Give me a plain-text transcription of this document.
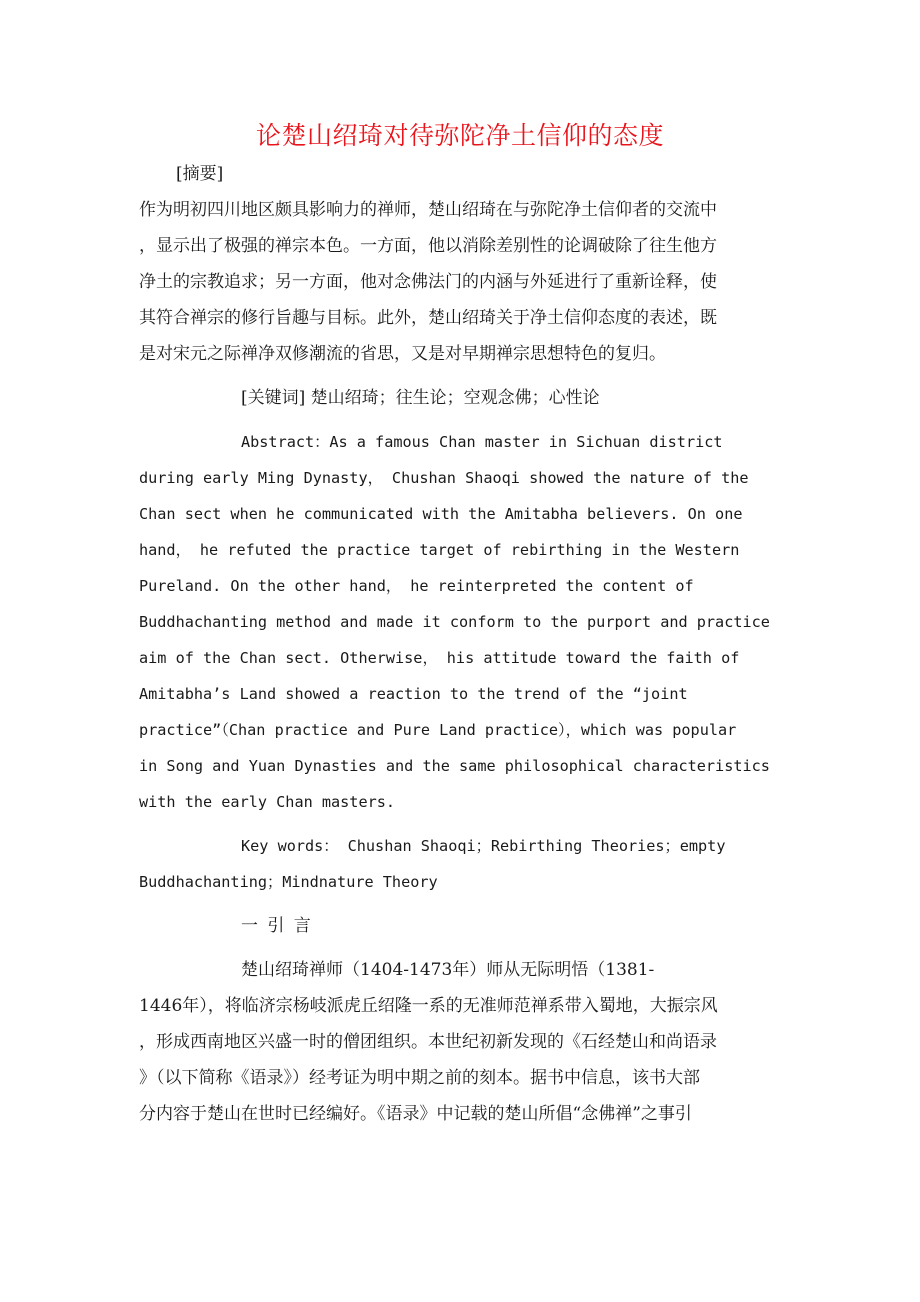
论楚山绍琦对待弥陀净土信仰的态度
[摘要]
作为明初四川地区颇具影响力的禅师，楚山绍琦在与弥陀净土信仰者的交流中
，显示出了极强的禅宗本色。一方面，他以消除差别性的论调破除了往生他方
净土的宗教追求；另一方面，他对念佛法门的内涵与外延进行了重新诠释，使
其符合禅宗的修行旨趣与目标。此外，楚山绍琦关于净土信仰态度的表述，既
是对宋元之际禅净双修潮流的省思，又是对早期禅宗思想特色的复归。
[关键词] 楚山绍琦；往生论；空观念佛；心性论
Abstract：As a famous Chan master in Sichuan district
during early Ming Dynasty， Chushan Shaoqi showed the nature of the
Chan sect when he communicated with the Amitabha believers. On one
hand， he refuted the practice target of rebirthing in the Western
Pureland. On the other hand， he reinterpreted the content of
Buddhachanting method and made it conform to the purport and practice
aim of the Chan sect. Otherwise， his attitude toward the faith of
Amitabha’s Land showed a reaction to the trend of the “joint
practice”（Chan practice and Pure Land practice），which was popular
in Song and Yuan Dynasties and the same philosophical characteristics
with the early Chan masters.
Key words： Chushan Shaoqi；Rebirthing Theories；empty
Buddhachanting；Mindnature Theory
一 引 言
楚山绍琦禅师（1404-1473年）师从无际明悟（1381-
1446年），将临济宗杨岐派虎丘绍隆一系的无准师范禅系带入蜀地，大振宗风
，形成西南地区兴盛一时的僧团组织。本世纪初新发现的《石经楚山和尚语录
》（以下简称《语录》）经考证为明中期之前的刻本。据书中信息，该书大部
分内容于楚山在世时已经编好。《语录》中记载的楚山所倡“念佛禅”之事引
